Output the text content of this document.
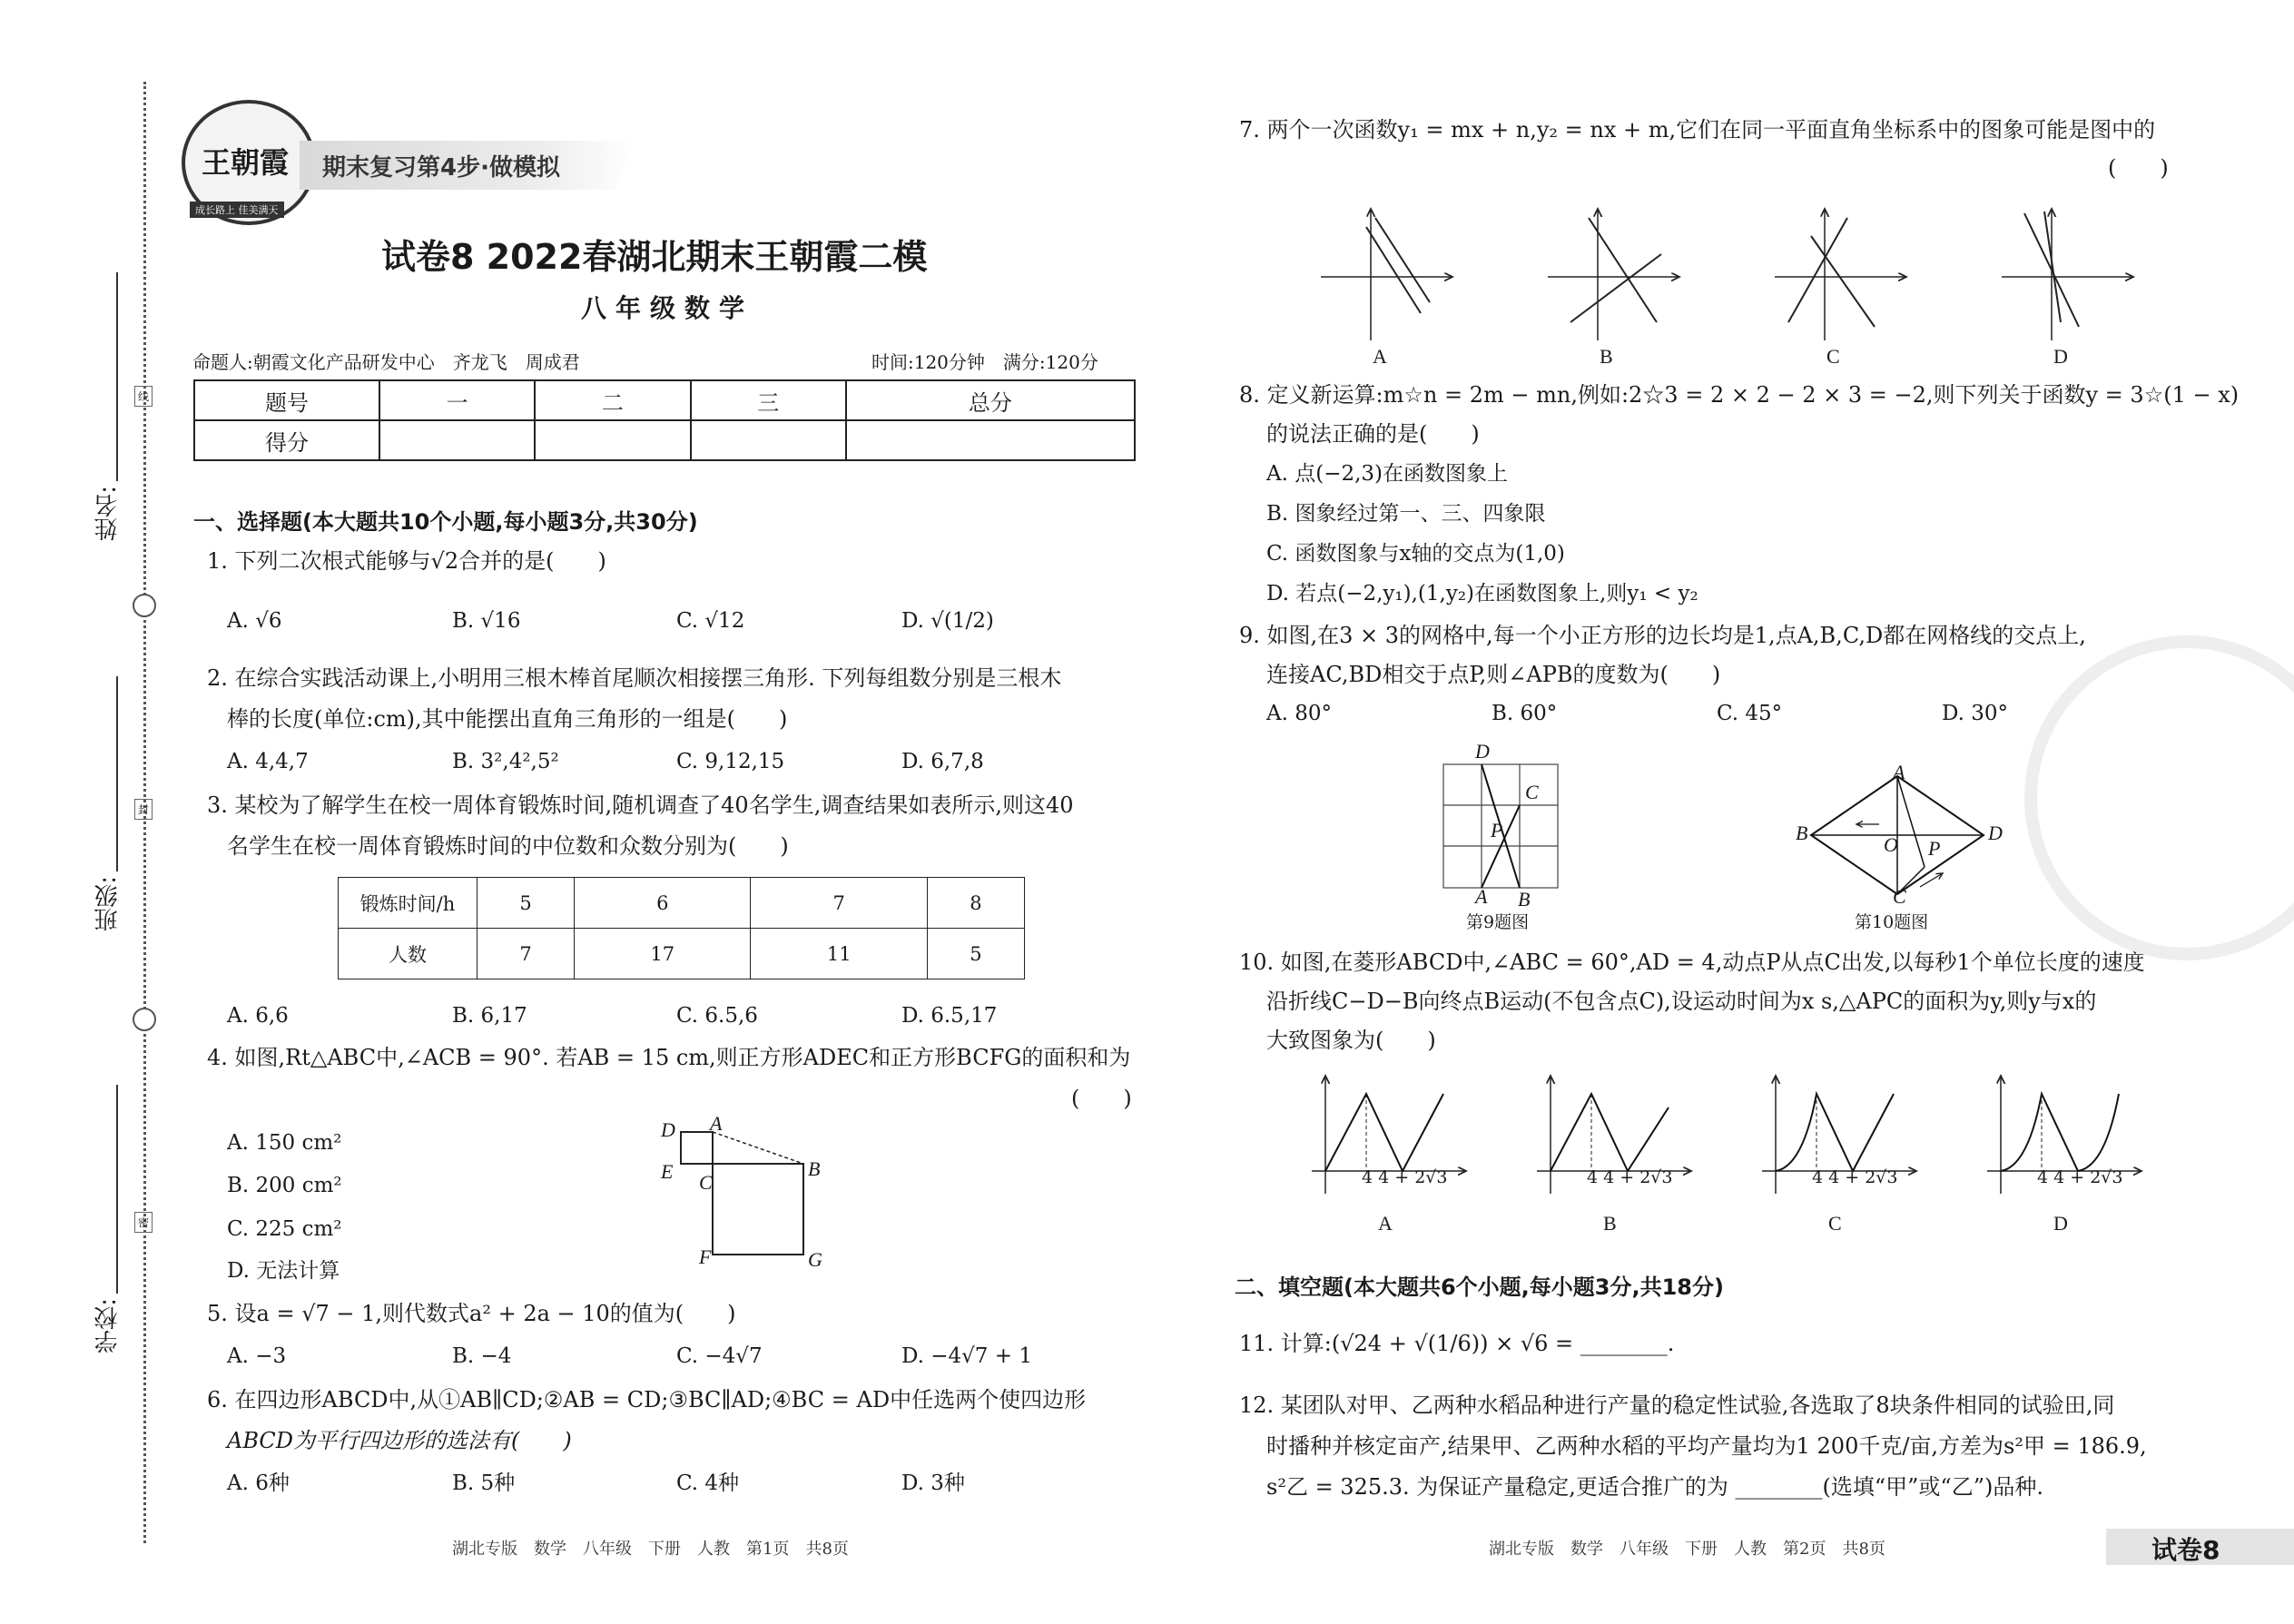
线
封
密
姓名:
班级:
学校:
王朝霞
成长路上 佳美满天
期末复习第4步·做模拟
试卷8 2022春湖北期末王朝霞二模
八年级数学
命题人:朝霞文化产品研发中心　齐龙飞　周成君	时间:120分钟　满分:120分
题号	一	二	三	总分
得分				
一、选择题(本大题共10个小题,每小题3分,共30分)
1. 下列二次根式能够与√2合并的是(　　)
A. √6	B. √16	C. √12	D. √(1/2)
2. 在综合实践活动课上,小明用三根木棒首尾顺次相接摆三角形. 下列每组数分别是三根木
棒的长度(单位:cm),其中能摆出直角三角形的一组是(　　)
A. 4,4,7	B. 3²,4²,5²	C. 9,12,15	D. 6,7,8
3. 某校为了解学生在校一周体育锻炼时间,随机调查了40名学生,调查结果如表所示,则这40
名学生在校一周体育锻炼时间的中位数和众数分别为(　　)
锻炼时间/h	5	6	7	8
人数	7	17	11	5
A. 6,6	B. 6,17	C. 6.5,6	D. 6.5,17
4. 如图,Rt△ABC中,∠ACB = 90°. 若AB = 15 cm,则正方形ADEC和正方形BCFG的面积和为
(　　)
A. 150 cm²
B. 200 cm²
C. 225 cm²
D. 无法计算
D A
E C
B
F	G
5. 设a = √7 − 1,则代数式a² + 2a − 10的值为(　　)
A. −3	B. −4	C. −4√7	D. −4√7 + 1
6. 在四边形ABCD中,从①AB∥CD;②AB = CD;③BC∥AD;④BC = AD中任选两个使四边形
ABCD为平行四边形的选法有(　　)
A. 6种	B. 5种	C. 4种	D. 3种
湖北专版　数学　八年级　下册　人教　第1页　共8页
7. 两个一次函数y₁ = mx + n,y₂ = nx + m,它们在同一平面直角坐标系中的图象可能是图中的
(　　)
A	B	C	D
8. 定义新运算:m☆n = 2m − mn,例如:2☆3 = 2 × 2 − 2 × 3 = −2,则下列关于函数y = 3☆(1 − x)
的说法正确的是(　　)
A. 点(−2,3)在函数图象上
B. 图象经过第一、三、四象限
C. 函数图象与x轴的交点为(1,0)
D. 若点(−2,y₁),(1,y₂)在函数图象上,则y₁ < y₂
9. 如图,在3 × 3的网格中,每一个小正方形的边长均是1,点A,B,C,D都在网格线的交点上,
连接AC,BD相交于点P,则∠APB的度数为(　　)
A. 80°	B. 60°	C. 45°	D. 30°
D
C
P
A B
第9题图
A
B
O P
D
C
第10题图
10. 如图,在菱形ABCD中,∠ABC = 60°,AD = 4,动点P从点C出发,以每秒1个单位长度的速度
沿折线C−D−B向终点B运动(不包含点C),设运动时间为x s,△APC的面积为y,则y与x的
大致图象为(　　)
4 4 + 2√3	4 4 + 2√3	4 4 + 2√3	4 4 + 2√3
A	B	C	D
二、填空题(本大题共6个小题,每小题3分,共18分)
11. 计算:(√24 + √(1/6)) × √6 = ________.
12. 某团队对甲、乙两种水稻品种进行产量的稳定性试验,各选取了8块条件相同的试验田,同
时播种并核定亩产,结果甲、乙两种水稻的平均产量均为1 200千克/亩,方差为s²甲 = 186.9,
s²乙 = 325.3. 为保证产量稳定,更适合推广的为 ________(选填“甲”或“乙”)品种.
湖北专版　数学　八年级　下册　人教　第2页　共8页	试卷8
